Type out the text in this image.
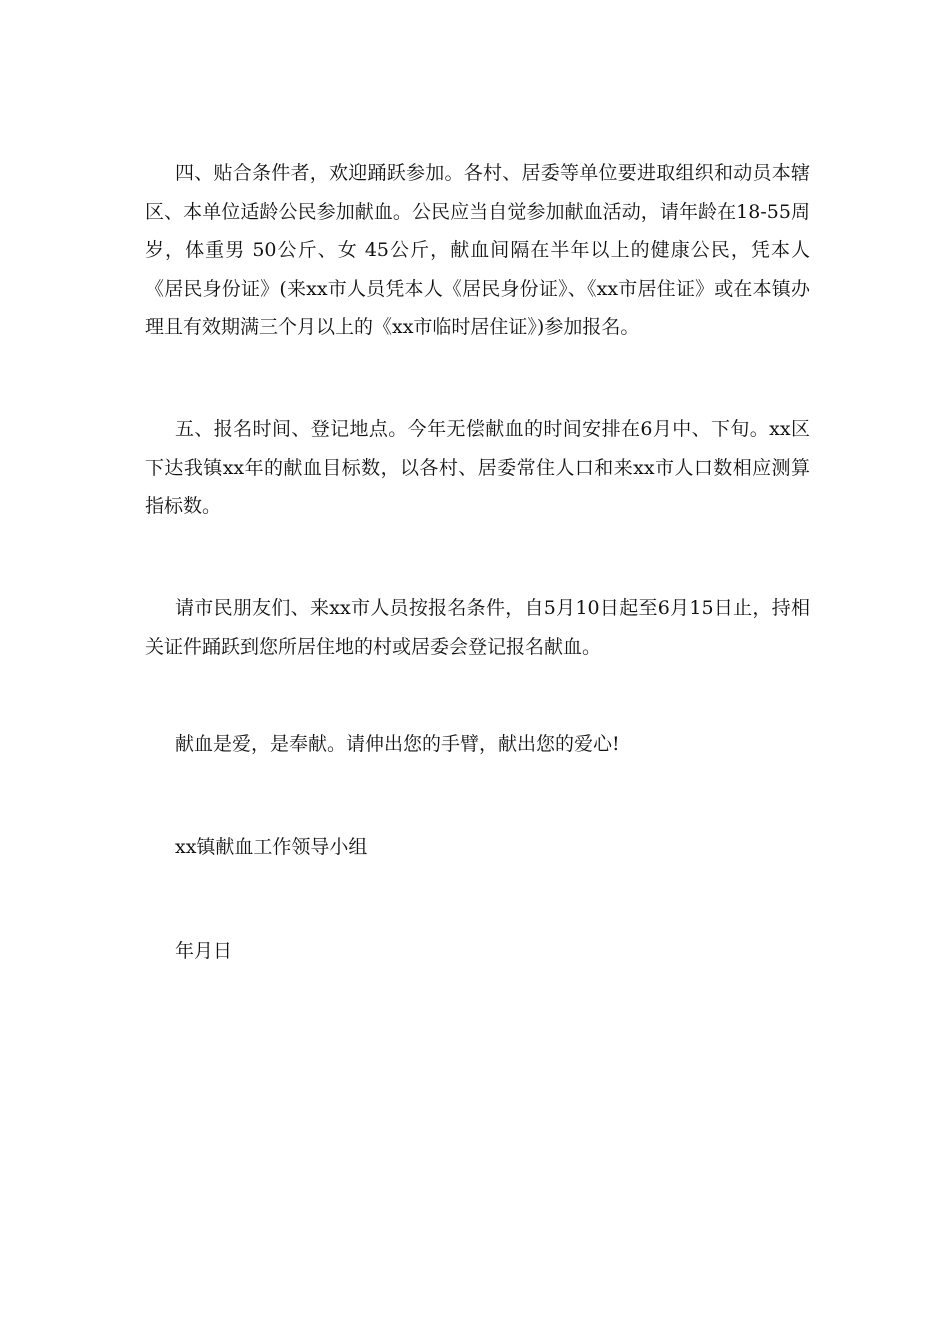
四、贴合条件者，欢迎踊跃参加。各村、居委等单位要进取组织和动员本辖区、本单位适龄公民参加献血。公民应当自觉参加献血活动，请年龄在18-55周岁，体重男 50公斤、女 45公斤，献血间隔在半年以上的健康公民，凭本人《居民身份证》(来xx市人员凭本人《居民身份证》、《xx市居住证》或在本镇办理且有效期满三个月以上的《xx市临时居住证》)参加报名。

五、报名时间、登记地点。今年无偿献血的时间安排在6月中、下旬。xx区下达我镇xx年的献血目标数，以各村、居委常住人口和来xx市人口数相应测算指标数。

请市民朋友们、来xx市人员按报名条件，自5月10日起至6月15日止，持相关证件踊跃到您所居住地的村或居委会登记报名献血。

献血是爱，是奉献。请伸出您的手臂，献出您的爱心!

xx镇献血工作领导小组

年月日
